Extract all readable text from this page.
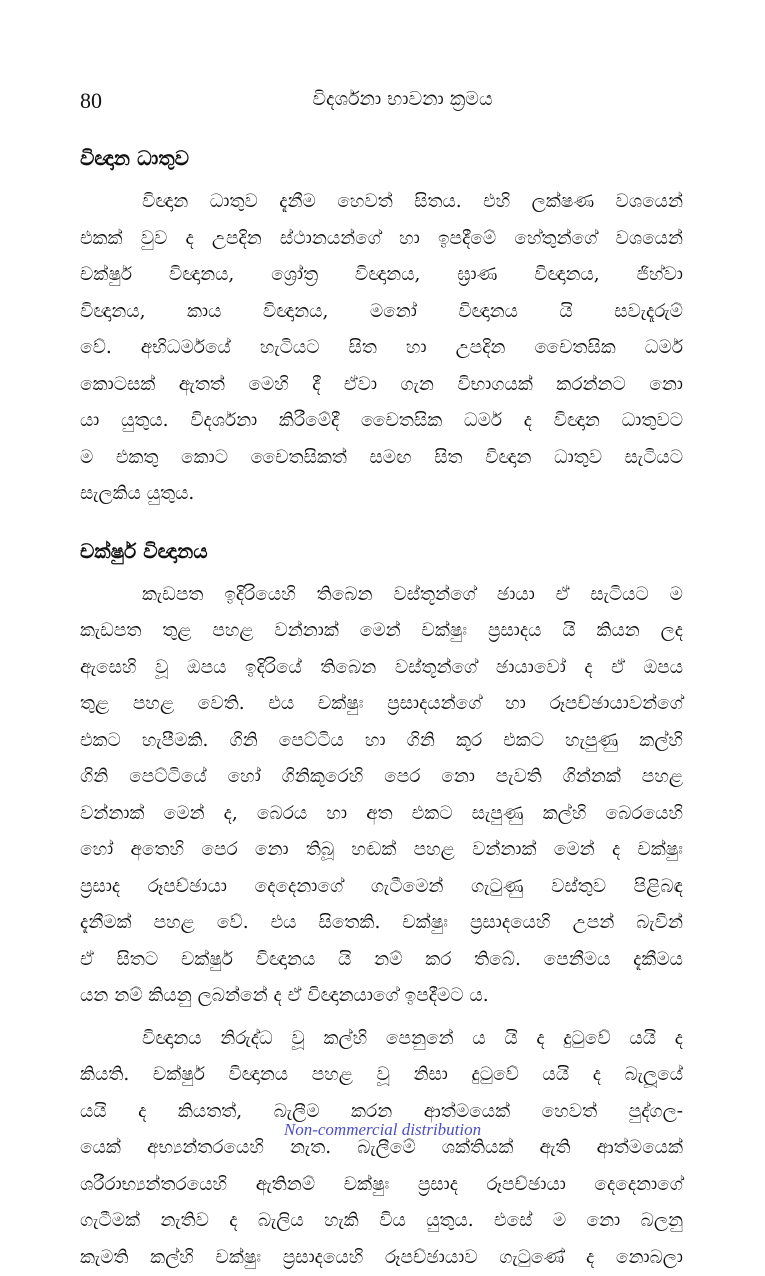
80	විදර්ශනා භාවනා ක්‍රමය
විඥාන ධාතුව

විඥාන ධාතුව දැනීම හෙවත් සිතය. එහි ලක්ෂණ වශයෙන්
එකක් වුව ද උපදින ස්ථානයන්ගේ හා ඉපදීමේ හේතුන්ගේ වශයෙන්
චක්ෂුර් විඥානය, ශ්‍රෝත්‍ර විඥානය, ඝ්‍රාණ විඥානය, ජිහ්වා
විඥානය, කාය විඥානය, මනෝ විඥානය යි සවැදෑරුම්
වේ. අභිධර්මයේ හැටියට සිත හා උපදින චෛතසික ධර්ම
කොටසක් ඇතත් මෙහි දී ඒවා ගැන විභාගයක් කරන්නට නො
යා යුතුය. විදර්ශනා කිරීමේදී චෛතසික ධර්ම ද විඥාන ධාතුවට
ම එකතු කොට චෛතසිකත් සමඟ සිත විඥාන ධාතුව සැටියට
සැලකිය යුතුය.

චක්ෂුර් විඥානය

කැඩපත ඉදිරියෙහි තිබෙන වස්තූන්ගේ ඡායා ඒ සැටියට ම
කැඩපත තුළ පහළ වන්නාක් මෙන් චක්ෂුඃ ප්‍රසාදය යි කියන ලද
ඇසෙහි වූ ඔපය ඉදිරියේ තිබෙන වස්තූන්ගේ ඡායාවෝ ද ඒ ඔපය
තුළ පහළ වෙති. එය චක්ෂුඃ ප්‍රසාදයන්ගේ හා රූපච්ඡායාවන්ගේ
එකට හැපීමකි. ගිනි පෙට්ටිය හා ගිනි කූර එකට හැපුණු කල්හි
ගිනි පෙට්ටියේ හෝ ගිනිකූරෙහි පෙර නො පැවති ගින්නක් පහළ
වන්නාක් මෙන් ද, බෙරය හා අත එකට සැපුණු කල්හි බෙරයෙහි
හෝ අතෙහි පෙර නො තිබූ හඬක් පහළ වන්නාක් මෙන් ද චක්ෂුඃ
ප්‍රසාද රූපච්ඡායා දෙදෙනාගේ ගැටීමෙන් ගැටුණු වස්තුව පිළිබඳ
දැනීමක් පහළ වේ. එය සිතෙකි. චක්ෂුඃ ප්‍රසාදයෙහි උපන් බැවින්
ඒ සිතට චක්ෂුර් විඥානය යි නම් කර තිබේ. පෙනීමය දැකීමය
යන නම් කියනු ලබන්නේ ද ඒ විඥානයාගේ ඉපදීමට ය.

විඥානය නිරුද්ධ වූ කල්හි පෙනුනේ ය යි ද දුටුවේ යයි ද
කියති. චක්ෂුර් විඥානය පහළ වූ නිසා දුටුවේ යයි ද බැලූයේ
යයි ද කියතත්, බැලීම කරන ආත්මයෙක් හෙවත් පුද්ගල-
යෙක් අභ්‍යන්තරයෙහි නැත. බැලීමේ ශක්තියක් ඇති ආත්මයෙක්
ශරීරාභ්‍යන්තරයෙහි ඇතිනම් චක්ෂුඃ ප්‍රසාද රූපච්ඡායා දෙදෙනාගේ
ගැටීමක් නැතිව ද බැලිය හැකි විය යුතුය. එසේ ම නො බලනු
කැමති කල්හි චක්ෂුඃ ප්‍රසාදයෙහි රූපච්ඡායාව ගැටුණේ ද නොබලා

Non-commercial distribution
